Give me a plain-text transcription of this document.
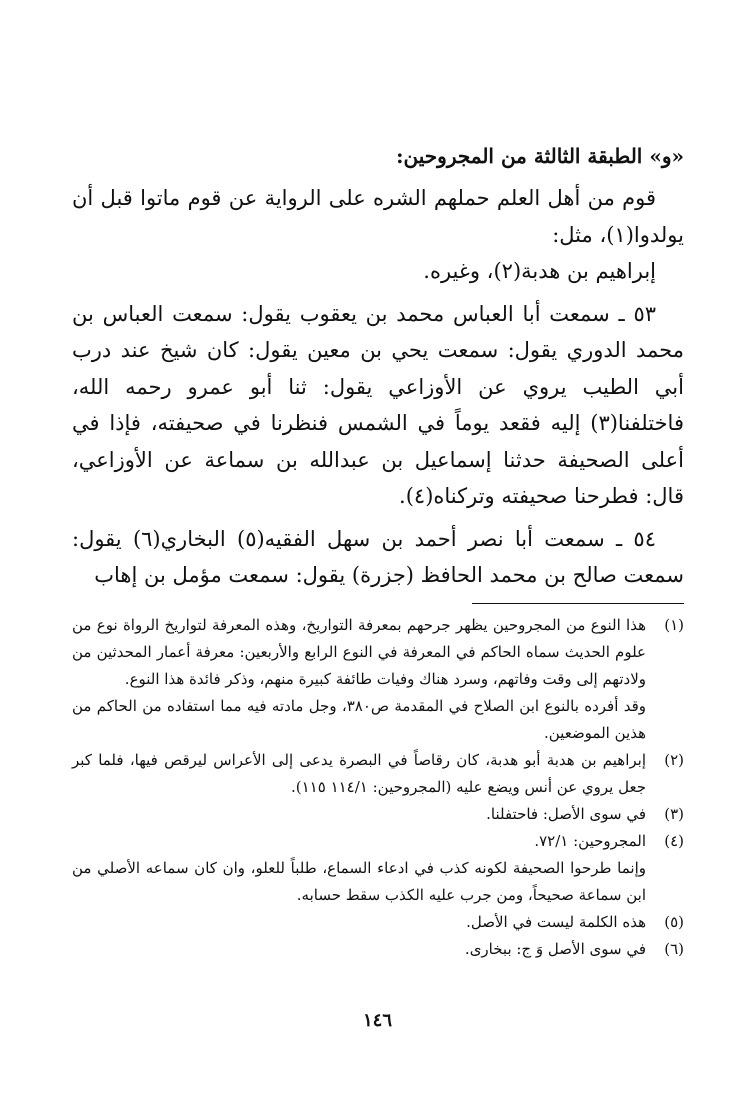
«و» الطبقة الثالثة من المجروحين:

قوم من أهل العلم حملهم الشره على الرواية عن قوم ماتوا قبل أن يولدوا(١)، مثل:

إبراهيم بن هدبة(٢)، وغيره.

٥٣ ـ سمعت أبا العباس محمد بن يعقوب يقول: سمعت العباس بن محمد الدوري يقول: سمعت يحي بن معين يقول: كان شيخ عند درب أبي الطيب يروي عن الأوزاعي يقول: ثنا أبو عمرو رحمه الله، فاختلفنا(٣) إليه فقعد يوماً في الشمس فنظرنا في صحيفته، فإذا في أعلى الصحيفة حدثنا إسماعيل بن عبدالله بن سماعة عن الأوزاعي، قال: فطرحنا صحيفته وتركناه(٤).

٥٤ ـ سمعت أبا نصر أحمد بن سهل الفقيه(٥) البخاري(٦) يقول: سمعت صالح بن محمد الحافظ (جزرة) يقول: سمعت مؤمل بن إهاب

(١)

هذا النوع من المجروحين يظهر جرحهم بمعرفة التواريخ، وهذه المعرفة لتواريخ الرواة نوع من علوم الحديث سماه الحاكم في المعرفة في النوع الرابع والأربعين: معرفة أعمار المحدثين من ولادتهم إلى وقت وفاتهم، وسرد هناك وفيات طائفة كبيرة منهم، وذكر فائدة هذا النوع.

وقد أفرده بالنوع ابن الصلاح في المقدمة ص٣٨٠، وجل مادته فيه مما استفاده من الحاكم من هذين الموضعين.

(٢)

إبراهيم بن هدبة أبو هدبة، كان رقاصاً في البصرة يدعى إلى الأعراس ليرقص فيها، فلما كبر جعل يروي عن أنس ويضع عليه (المجروحين: ١١٤/١ ١١٥).

(٣)

في سوى الأصل: فاحتفلنا.

(٤)

المجروحين: ٧٢/١.

وإنما طرحوا الصحيفة لكونه كذب في ادعاء السماع، طلباً للعلو، وان كان سماعه الأصلي من ابن سماعة صحيحاً، ومن جرب عليه الكذب سقط حسابه.

(٥)

هذه الكلمة ليست في الأصل.

(٦)

في سوى الأصل وَ ج: ببخارى.

١٤٦
